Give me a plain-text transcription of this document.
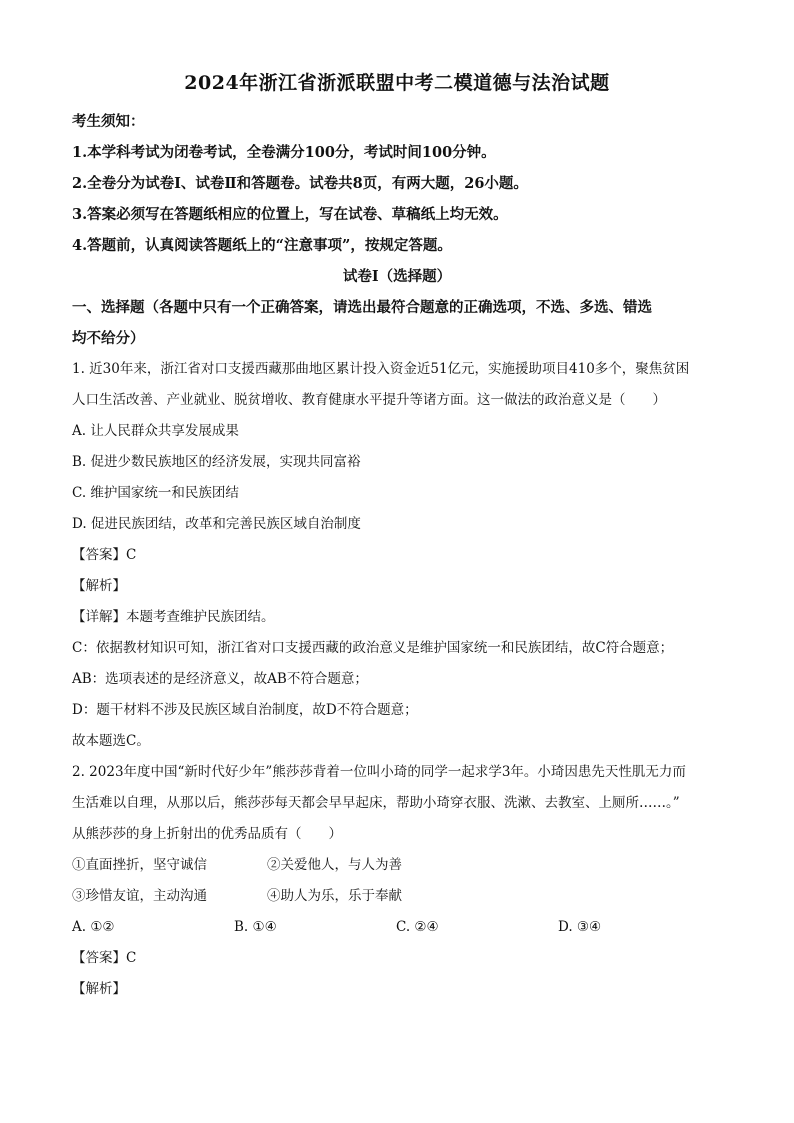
2024年浙江省浙派联盟中考二模道德与法治试题
考生须知：
1.本学科考试为闭卷考试，全卷满分100分，考试时间100分钟。
2.全卷分为试卷Ⅰ、试卷Ⅱ和答题卷。试卷共8页，有两大题，26小题。
3.答案必须写在答题纸相应的位置上，写在试卷、草稿纸上均无效。
4.答题前，认真阅读答题纸上的“注意事项”，按规定答题。
试卷Ⅰ（选择题）
一、选择题（各题中只有一个正确答案，请选出最符合题意的正确选项，不选、多选、错选
均不给分）
1. 近30年来，浙江省对口支援西藏那曲地区累计投入资金近51亿元，实施援助项目410多个，聚焦贫困
人口生活改善、产业就业、脱贫增收、教育健康水平提升等诸方面。这一做法的政治意义是（　　）
A. 让人民群众共享发展成果
B. 促进少数民族地区的经济发展，实现共同富裕
C. 维护国家统一和民族团结
D. 促进民族团结，改革和完善民族区域自治制度
【答案】C
【解析】
【详解】本题考查维护民族团结。
C：依据教材知识可知，浙江省对口支援西藏的政治意义是维护国家统一和民族团结，故C符合题意；
AB：选项表述的是经济意义，故AB不符合题意；
D：题干材料不涉及民族区域自治制度，故D不符合题意；
故本题选C。
2. 2023年度中国“新时代好少年”熊莎莎背着一位叫小琦的同学一起求学3年。小琦因患先天性肌无力而
生活难以自理，从那以后，熊莎莎每天都会早早起床，帮助小琦穿衣服、洗漱、去教室、上厕所……。”
从熊莎莎的身上折射出的优秀品质有（　　）
①直面挫折，坚守诚信	②关爱他人，与人为善
③珍惜友谊，主动沟通	④助人为乐，乐于奉献
A. ①②	B. ①④	C. ②④	D. ③④
【答案】C
【解析】
